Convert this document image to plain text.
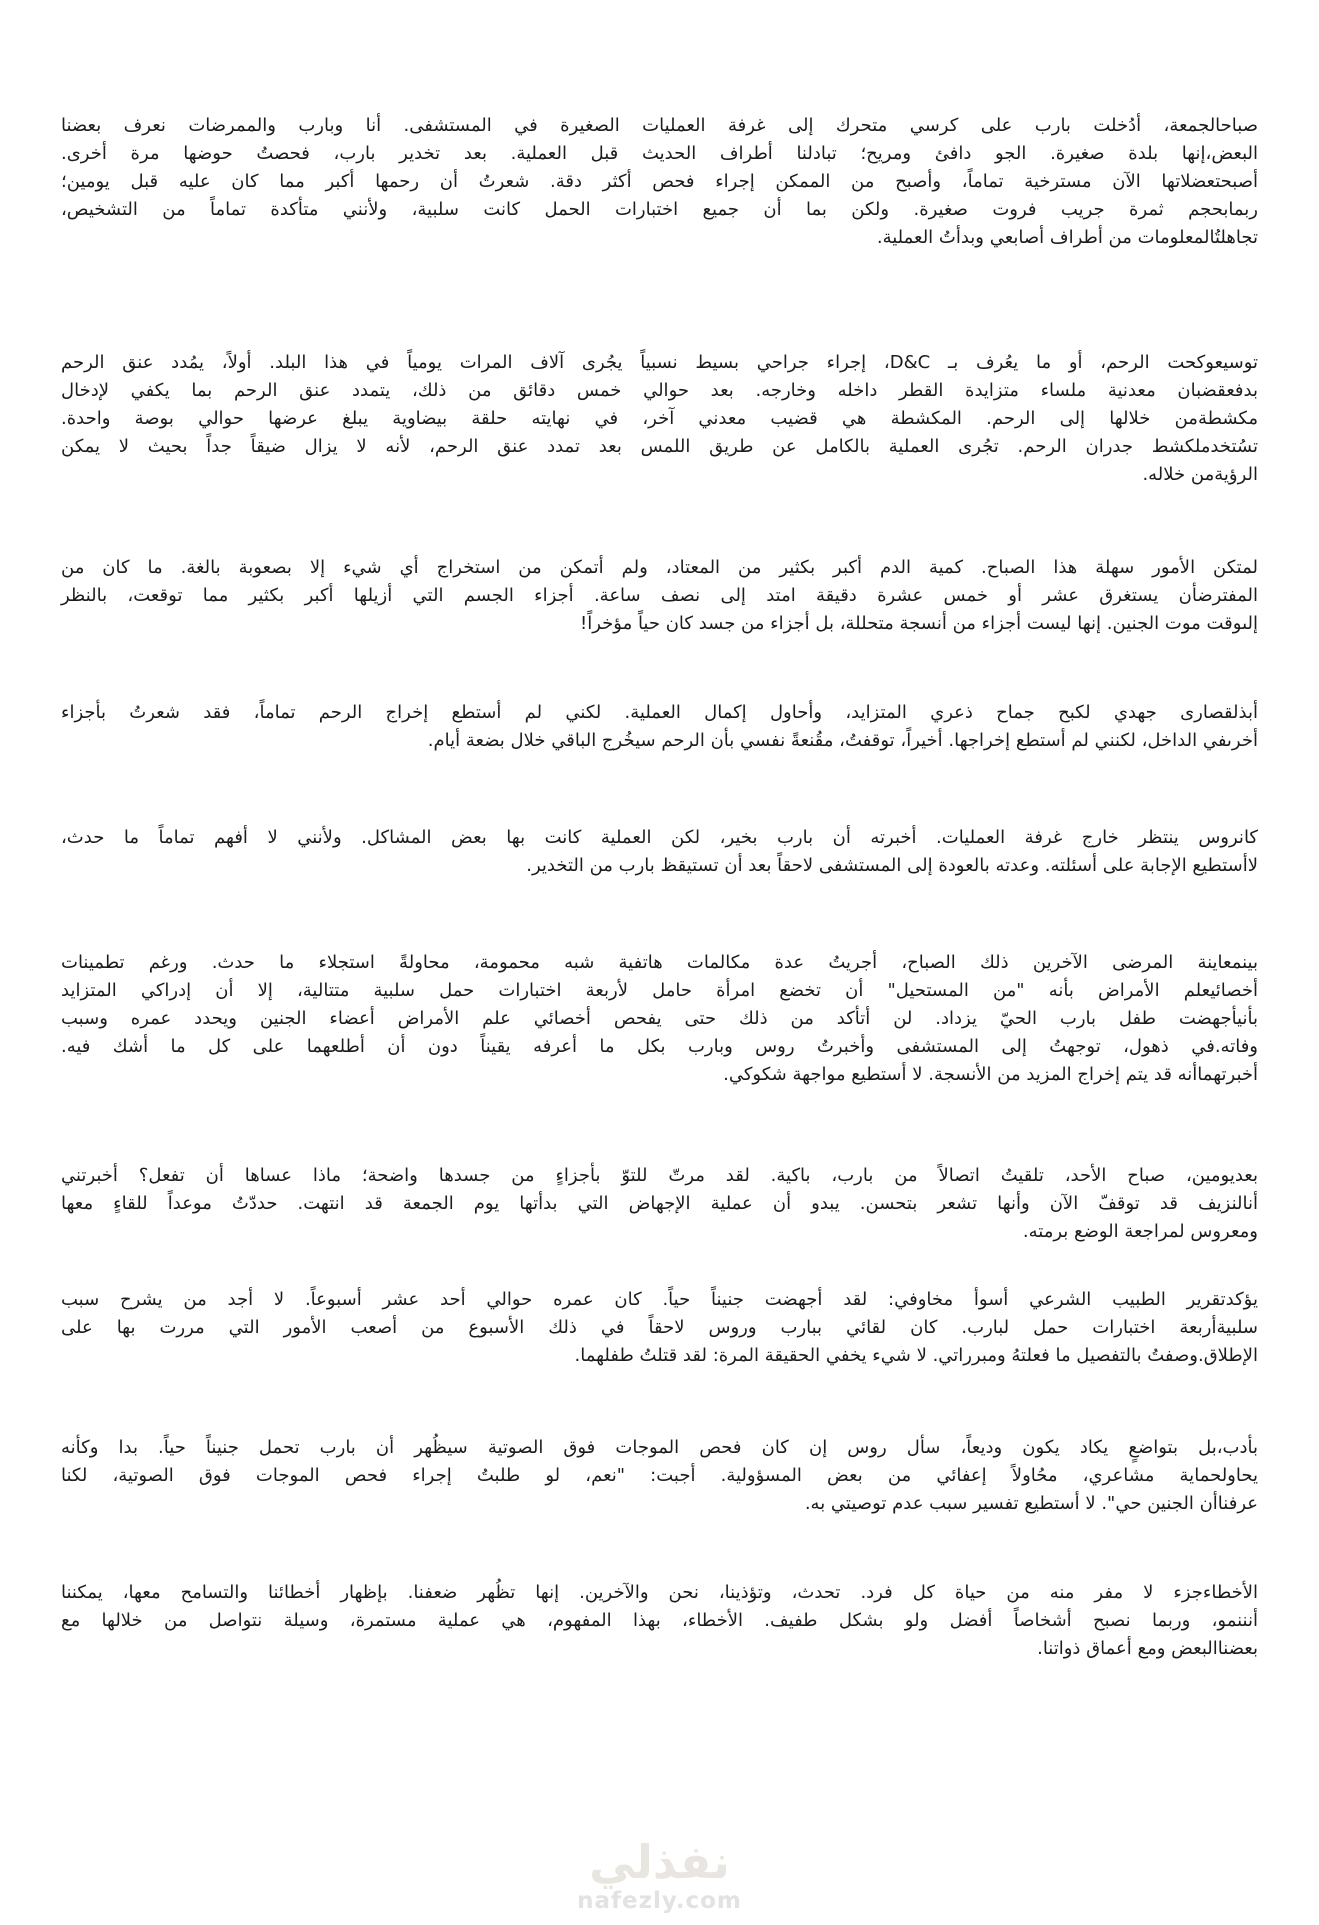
صباحالجمعة، أدُخلت بارب على كرسي متحرك إلى غرفة العمليات الصغيرة في المستشفى. أنا وبارب والممرضات نعرف بعضنا
البعض،إنها بلدة صغيرة. الجو دافئ ومريح؛ تبادلنا أطراف الحديث قبل العملية. بعد تخدير بارب، فحصتُ حوضها مرة أخرى.
أصبحتعضلاتها الآن مسترخية تماماً، وأصبح من الممكن إجراء فحص أكثر دقة. شعرتُ أن رحمها أكبر مما كان عليه قبل يومين؛
ربمابحجم ثمرة جريب فروت صغيرة. ولكن بما أن جميع اختبارات الحمل كانت سلبية، ولأنني متأكدة تماماً من التشخيص،
تجاهلتُالمعلومات من أطراف أصابعي وبدأتُ العملية.
توسيعوكحت الرحم، أو ما يعُرف بـ D&C، إجراء جراحي بسيط نسبياً يجُرى آلاف المرات يومياً في هذا البلد. أولاً، يمُدد عنق الرحم
بدفعقضبان معدنية ملساء متزايدة القطر داخله وخارجه. بعد حوالي خمس دقائق من ذلك، يتمدد عنق الرحم بما يكفي لإدخال
مكشطةمن خلالها إلى الرحم. المكشطة هي قضيب معدني آخر، في نهايته حلقة بيضاوية يبلغ عرضها حوالي بوصة واحدة.
تسُتخدملكشط جدران الرحم. تجُرى العملية بالكامل عن طريق اللمس بعد تمدد عنق الرحم، لأنه لا يزال ضيقاً جداً بحيث لا يمكن
الرؤيةمن خلاله.
لمتكن الأمور سهلة هذا الصباح. كمية الدم أكبر بكثير من المعتاد، ولم أتمكن من استخراج أي شيء إلا بصعوبة بالغة. ما كان من
المفترضأن يستغرق عشر أو خمس عشرة دقيقة امتد إلى نصف ساعة. أجزاء الجسم التي أزيلها أكبر بكثير مما توقعت، بالنظر
إلىوقت موت الجنين. إنها ليست أجزاء من أنسجة متحللة، بل أجزاء من جسد كان حياً مؤخراً!
أبذلقصارى جهدي لكبح جماح ذعري المتزايد، وأحاول إكمال العملية. لكني لم أستطع إخراج الرحم تماماً، فقد شعرتُ بأجزاء
أخرىفي الداخل، لكنني لم أستطع إخراجها. أخيراً، توقفتُ، مقُنعةً نفسي بأن الرحم سيخُرج الباقي خلال بضعة أيام.
كانروس ينتظر خارج غرفة العمليات. أخبرته أن بارب بخير، لكن العملية كانت بها بعض المشاكل. ولأنني لا أفهم تماماً ما حدث،
لاأستطيع الإجابة على أسئلته. وعدته بالعودة إلى المستشفى لاحقاً بعد أن تستيقظ بارب من التخدير.
بينمعاينة المرضى الآخرين ذلك الصباح، أجريتُ عدة مكالمات هاتفية شبه محمومة، محاولةً استجلاء ما حدث. ورغم تطمينات
أخصائيعلم الأمراض بأنه "من المستحيل" أن تخضع امرأة حامل لأربعة اختبارات حمل سلبية متتالية، إلا أن إدراكي المتزايد
بأنيأجهضت طفل بارب الحيّ يزداد. لن أتأكد من ذلك حتى يفحص أخصائي علم الأمراض أعضاء الجنين ويحدد عمره وسبب
وفاته.في ذهول، توجهتُ إلى المستشفى وأخبرتُ روس وبارب بكل ما أعرفه يقيناً دون أن أطلعهما على كل ما أشك فيه.
أخبرتهماأنه قد يتم إخراج المزيد من الأنسجة. لا أستطيع مواجهة شكوكي.
بعديومين، صباح الأحد، تلقيتُ اتصالاً من بارب، باكية. لقد مرتّ للتوّ بأجزاءٍ من جسدها واضحة؛ ماذا عساها أن تفعل؟ أخبرتني
أنالنزيف قد توقفّ الآن وأنها تشعر بتحسن. يبدو أن عملية الإجهاض التي بدأتها يوم الجمعة قد انتهت. حددّتُ موعداً للقاءٍ معها
ومعروس لمراجعة الوضع برمته.
يؤكدتقرير الطبيب الشرعي أسوأ مخاوفي: لقد أجهضت جنيناً حياً. كان عمره حوالي أحد عشر أسبوعاً. لا أجد من يشرح سبب
سلبيةأربعة اختبارات حمل لبارب. كان لقائي ببارب وروس لاحقاً في ذلك الأسبوع من أصعب الأمور التي مررت بها على
الإطلاق.وصفتُ بالتفصيل ما فعلتهُ ومبرراتي. لا شيء يخفي الحقيقة المرة: لقد قتلتُ طفلهما.
بأدب،بل بتواضعٍ يكاد يكون وديعاً، سأل روس إن كان فحص الموجات فوق الصوتية سيظُهر أن بارب تحمل جنيناً حياً. بدا وكأنه
يحاولحماية مشاعري، محُاولاً إعفائي من بعض المسؤولية. أجبت: "نعم، لو طلبتُ إجراء فحص الموجات فوق الصوتية، لكنا
عرفناأن الجنين حي". لا أستطيع تفسير سبب عدم توصيتي به.
الأخطاءجزء لا مفر منه من حياة كل فرد. تحدث، وتؤذينا، نحن والآخرين. إنها تظُهر ضعفنا. بإظهار أخطائنا والتسامح معها، يمكننا
أنننمو، وربما نصبح أشخاصاً أفضل ولو بشكل طفيف. الأخطاء، بهذا المفهوم، هي عملية مستمرة، وسيلة نتواصل من خلالها مع
بعضناالبعض ومع أعماق ذواتنا.
نفذلي
nafezly.com
